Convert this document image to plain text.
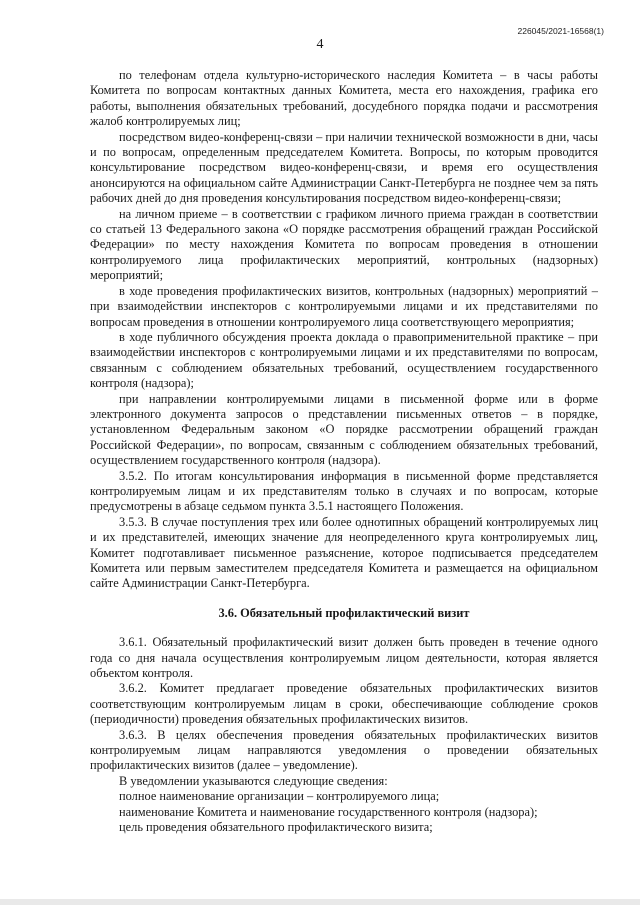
226045/2021-16568(1)
4

по телефонам отдела культурно-исторического наследия Комитета – в часы работы Комитета по вопросам контактных данных Комитета, места его нахождения, графика его работы, выполнения обязательных требований, досудебного порядка подачи и рассмотрения жалоб контролируемых лиц;

посредством видео-конференц-связи – при наличии технической возможности в дни, часы и по вопросам, определенным председателем Комитета. Вопросы, по которым проводится консультирование посредством видео-конференц-связи, и время его осуществления анонсируются на официальном сайте Администрации Санкт-Петербурга не позднее чем за пять рабочих дней до дня проведения консультирования посредством видео-конференц-связи;

на личном приеме – в соответствии с графиком личного приема граждан в соответствии со статьей 13 Федерального закона «О порядке рассмотрения обращений граждан Российской Федерации» по месту нахождения Комитета по вопросам проведения в отношении контролируемого лица профилактических мероприятий, контрольных (надзорных) мероприятий;

в ходе проведения профилактических визитов, контрольных (надзорных) мероприятий – при взаимодействии инспекторов с контролируемыми лицами и их представителями по вопросам проведения в отношении контролируемого лица соответствующего мероприятия;

в ходе публичного обсуждения проекта доклада о правоприменительной практике – при взаимодействии инспекторов с контролируемыми лицами и их представителями по вопросам, связанным с соблюдением обязательных требований, осуществлением государственного контроля (надзора);

при направлении контролируемыми лицами в письменной форме или в форме электронного документа запросов о представлении письменных ответов – в порядке, установленном Федеральным законом «О порядке рассмотрении обращений граждан Российской Федерации», по вопросам, связанным с соблюдением обязательных требований, осуществлением государственного контроля (надзора).

3.5.2. По итогам консультирования информация в письменной форме представляется контролируемым лицам и их представителям только в случаях и по вопросам, которые предусмотрены в абзаце седьмом пункта 3.5.1 настоящего Положения.

3.5.3. В случае поступления трех или более однотипных обращений контролируемых лиц и их представителей, имеющих значение для неопределенного круга контролируемых лиц, Комитет подготавливает письменное разъяснение, которое подписывается председателем Комитета или первым заместителем председателя Комитета и размещается на официальном сайте Администрации Санкт-Петербурга.

3.6. Обязательный профилактический визит

3.6.1. Обязательный профилактический визит должен быть проведен в течение одного года со дня начала осуществления контролируемым лицом деятельности, которая является объектом контроля.

3.6.2. Комитет предлагает проведение обязательных профилактических визитов соответствующим контролируемым лицам в сроки, обеспечивающие соблюдение сроков (периодичности) проведения обязательных профилактических визитов.

3.6.3. В целях обеспечения проведения обязательных профилактических визитов контролируемым лицам направляются уведомления о проведении обязательных профилактических визитов (далее – уведомление).

В уведомлении указываются следующие сведения:

полное наименование организации – контролируемого лица;

наименование Комитета и наименование государственного контроля (надзора);

цель проведения обязательного профилактического визита;
